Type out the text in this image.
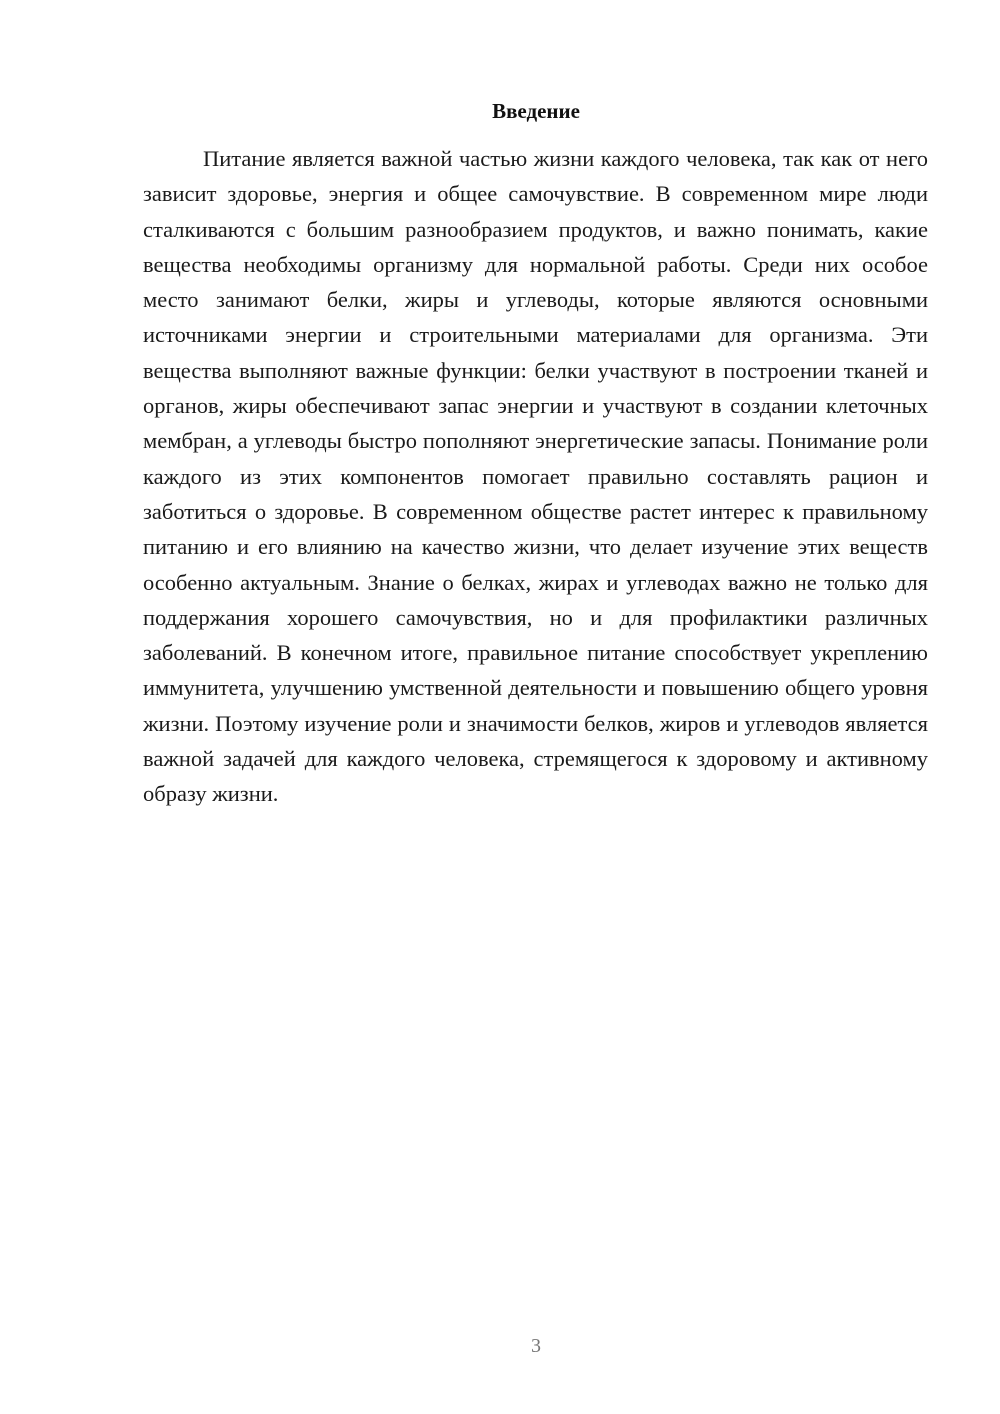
Введение

Питание является важной частью жизни каждого человека, так как от него зависит здоровье, энергия и общее самочувствие. В современном мире люди сталкиваются с большим разнообразием продуктов, и важно понимать, какие вещества необходимы организму для нормальной работы. Среди них особое место занимают белки, жиры и углеводы, которые являются основными источниками энергии и строительными материалами для организма. Эти вещества выполняют важные функции: белки участвуют в построении тканей и органов, жиры обеспечивают запас энергии и участвуют в создании клеточных мембран, а углеводы быстро пополняют энергетические запасы. Понимание роли каждого из этих компонентов помогает правильно составлять рацион и заботиться о здоровье. В современном обществе растет интерес к правильному питанию и его влиянию на качество жизни, что делает изучение этих веществ особенно актуальным. Знание о белках, жирах и углеводах важно не только для поддержания хорошего самочувствия, но и для профилактики различных заболеваний. В конечном итоге, правильное питание способствует укреплению иммунитета, улучшению умственной деятельности и повышению общего уровня жизни. Поэтому изучение роли и значимости белков, жиров и углеводов является важной задачей для каждого человека, стремящегося к здоровому и активному образу жизни.

3
